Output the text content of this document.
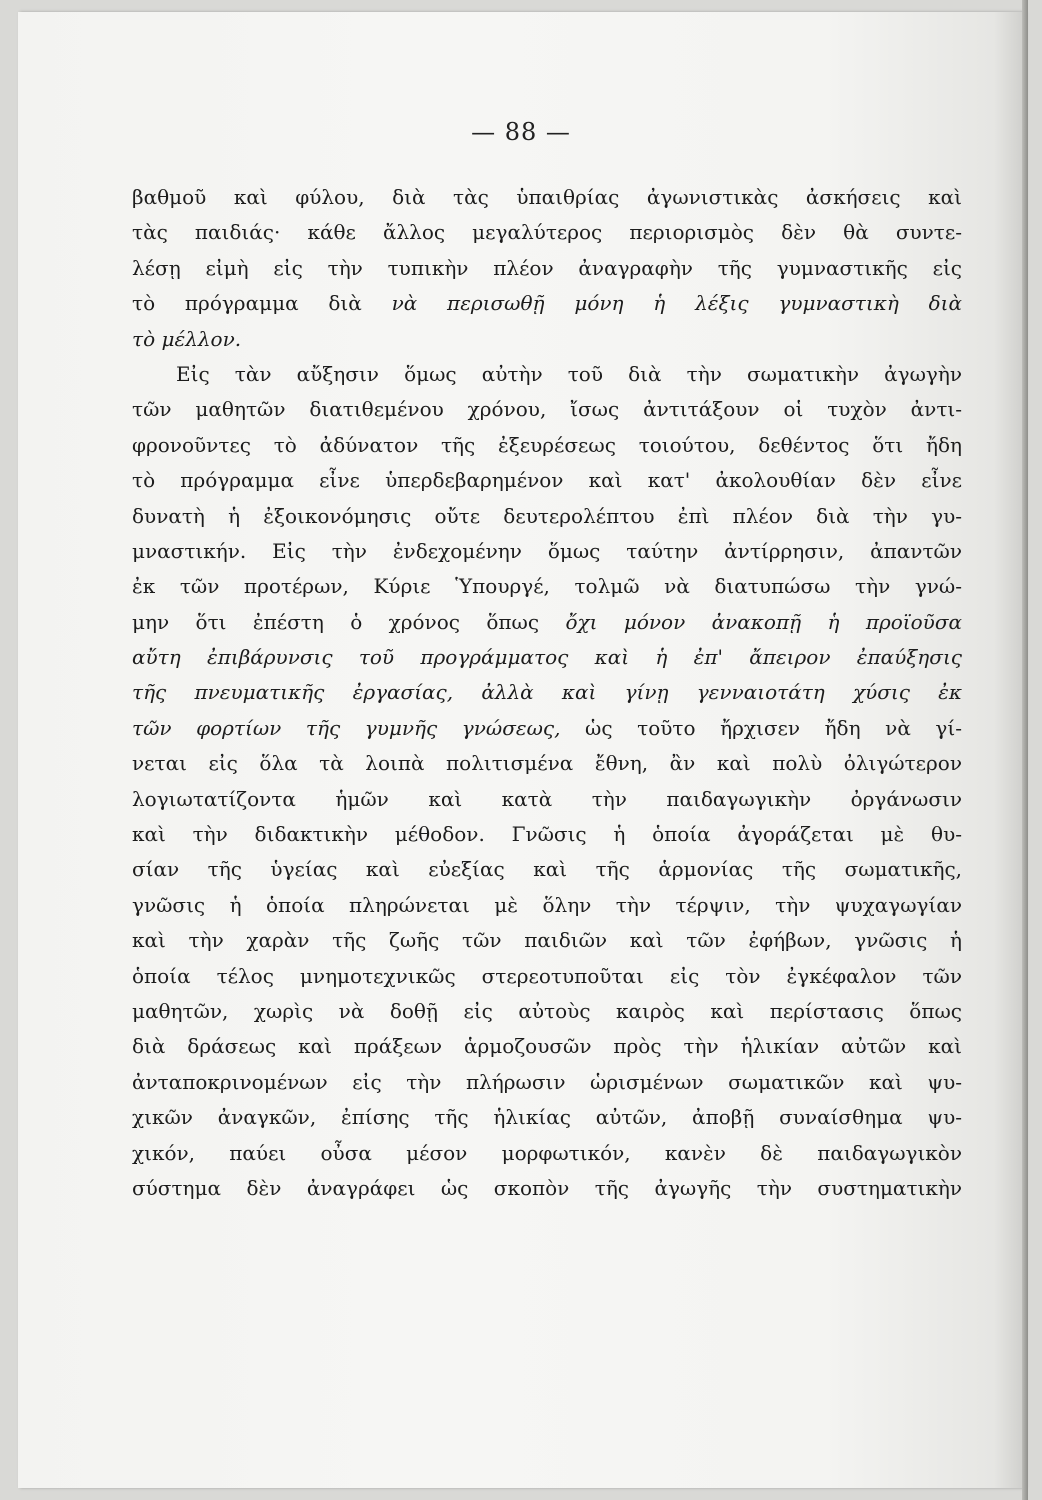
— 88 —
βαθμοῦ καὶ φύλου, διὰ τὰς ὑπαιθρίας ἀγωνιστικὰς ἀσκήσεις καὶ
τὰς παιδιάς· κάθε ἄλλος μεγαλύτερος περιορισμὸς δὲν θὰ συντε-
λέσῃ εἰμὴ εἰς τὴν τυπικὴν πλέον ἀναγραφὴν τῆς γυμναστικῆς εἰς
τὸ πρόγραμμα διὰ νὰ περισωθῇ μόνη ἡ λέξις γυμναστικὴ διὰ
τὸ μέλλον.
Εἰς τὰν αὔξησιν ὅμως αὐτὴν τοῦ διὰ τὴν σωματικὴν ἀγωγὴν
τῶν μαθητῶν διατιθεμένου χρόνου, ἴσως ἀντιτάξουν οἱ τυχὸν ἀντι-
φρονοῦντες τὸ ἀδύνατον τῆς ἐξευρέσεως τοιούτου, δεθέντος ὅτι ἤδη
τὸ πρόγραμμα εἶνε ὑπερδεβαρημένον καὶ κατ' ἀκολουθίαν δὲν εἶνε
δυνατὴ ἡ ἐξοικονόμησις οὔτε δευτερολέπτου ἐπὶ πλέον διὰ τὴν γυ-
μναστικήν. Εἰς τὴν ἐνδεχομένην ὅμως ταύτην ἀντίρρησιν, ἀπαντῶν
ἐκ τῶν προτέρων, Κύριε Ὑπουργέ, τολμῶ νὰ διατυπώσω τὴν γνώ-
μην ὅτι ἐπέστη ὁ χρόνος ὅπως ὄχι μόνον ἀνακοπῇ ἡ προϊοῦσα
αὔτη ἐπιβάρυνσις τοῦ προγράμματος καὶ ἡ ἐπ' ἄπειρον ἐπαύξησις
τῆς πνευματικῆς ἐργασίας, ἀλλὰ καὶ γίνῃ γενναιοτάτη χύσις ἐκ
τῶν φορτίων τῆς γυμνῆς γνώσεως, ὡς τοῦτο ἤρχισεν ἤδη νὰ γί-
νεται εἰς ὅλα τὰ λοιπὰ πολιτισμένα ἔθνη, ἂν καὶ πολὺ ὀλιγώτερον
λογιωτατίζοντα ἡμῶν καὶ κατὰ τὴν παιδαγωγικὴν ὀργάνωσιν
καὶ τὴν διδακτικὴν μέθοδον. Γνῶσις ἡ ὁποία ἀγοράζεται μὲ θυ-
σίαν τῆς ὑγείας καὶ εὐεξίας καὶ τῆς ἁρμονίας τῆς σωματικῆς,
γνῶσις ἡ ὁποία πληρώνεται μὲ ὅλην τὴν τέρψιν, τὴν ψυχαγωγίαν
καὶ τὴν χαρὰν τῆς ζωῆς τῶν παιδιῶν καὶ τῶν ἐφήβων, γνῶσις ἡ
ὁποία τέλος μνημοτεχνικῶς στερεοτυποῦται εἰς τὸν ἐγκέφαλον τῶν
μαθητῶν, χωρὶς νὰ δοθῇ εἰς αὐτοὺς καιρὸς καὶ περίστασις ὅπως
διὰ δράσεως καὶ πράξεων ἁρμοζουσῶν πρὸς τὴν ἡλικίαν αὐτῶν καὶ
ἀνταποκρινομένων εἰς τὴν πλήρωσιν ὡρισμένων σωματικῶν καὶ ψυ-
χικῶν ἀναγκῶν, ἐπίσης τῆς ἡλικίας αὐτῶν, ἀποβῇ συναίσθημα ψυ-
χικόν, παύει οὖσα μέσον μορφωτικόν, κανὲν δὲ παιδαγωγικὸν
σύστημα δὲν ἀναγράφει ὡς σκοπὸν τῆς ἀγωγῆς τὴν συστηματικὴν
